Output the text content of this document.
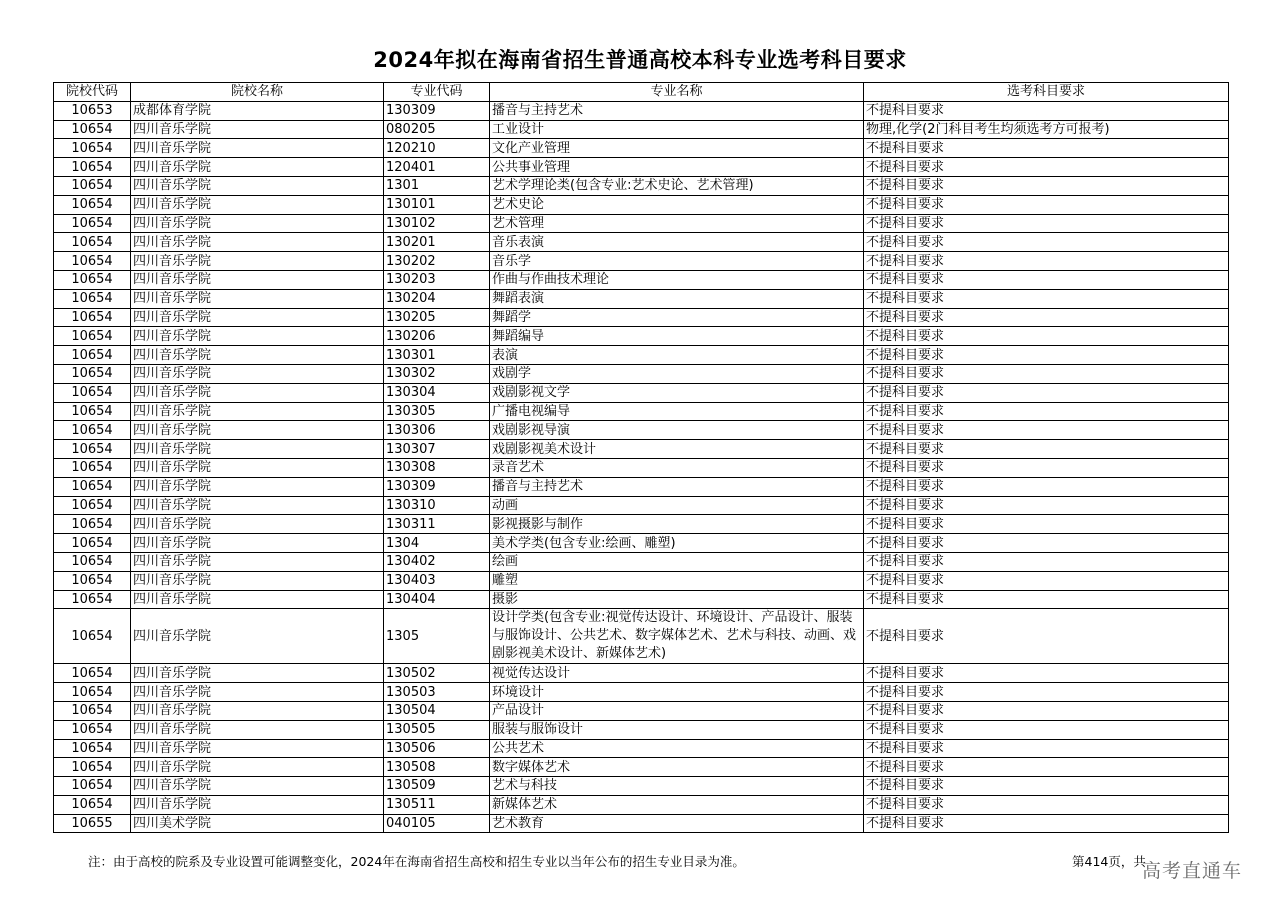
2024年拟在海南省招生普通高校本科专业选考科目要求
院校代码	院校名称	专业代码	专业名称	选考科目要求
10653	成都体育学院	130309	播音与主持艺术	不提科目要求
10654	四川音乐学院	080205	工业设计	物理,化学(2门科目考生均须选考方可报考)
10654	四川音乐学院	120210	文化产业管理	不提科目要求
10654	四川音乐学院	120401	公共事业管理	不提科目要求
10654	四川音乐学院	1301	艺术学理论类(包含专业:艺术史论、艺术管理)	不提科目要求
10654	四川音乐学院	130101	艺术史论	不提科目要求
10654	四川音乐学院	130102	艺术管理	不提科目要求
10654	四川音乐学院	130201	音乐表演	不提科目要求
10654	四川音乐学院	130202	音乐学	不提科目要求
10654	四川音乐学院	130203	作曲与作曲技术理论	不提科目要求
10654	四川音乐学院	130204	舞蹈表演	不提科目要求
10654	四川音乐学院	130205	舞蹈学	不提科目要求
10654	四川音乐学院	130206	舞蹈编导	不提科目要求
10654	四川音乐学院	130301	表演	不提科目要求
10654	四川音乐学院	130302	戏剧学	不提科目要求
10654	四川音乐学院	130304	戏剧影视文学	不提科目要求
10654	四川音乐学院	130305	广播电视编导	不提科目要求
10654	四川音乐学院	130306	戏剧影视导演	不提科目要求
10654	四川音乐学院	130307	戏剧影视美术设计	不提科目要求
10654	四川音乐学院	130308	录音艺术	不提科目要求
10654	四川音乐学院	130309	播音与主持艺术	不提科目要求
10654	四川音乐学院	130310	动画	不提科目要求
10654	四川音乐学院	130311	影视摄影与制作	不提科目要求
10654	四川音乐学院	1304	美术学类(包含专业:绘画、雕塑)	不提科目要求
10654	四川音乐学院	130402	绘画	不提科目要求
10654	四川音乐学院	130403	雕塑	不提科目要求
10654	四川音乐学院	130404	摄影	不提科目要求
10654	四川音乐学院	1305	设计学类(包含专业:视觉传达设计、环境设计、产品设计、服装与服饰设计、公共艺术、数字媒体艺术、艺术与科技、动画、戏剧影视美术设计、新媒体艺术)	不提科目要求
10654	四川音乐学院	130502	视觉传达设计	不提科目要求
10654	四川音乐学院	130503	环境设计	不提科目要求
10654	四川音乐学院	130504	产品设计	不提科目要求
10654	四川音乐学院	130505	服装与服饰设计	不提科目要求
10654	四川音乐学院	130506	公共艺术	不提科目要求
10654	四川音乐学院	130508	数字媒体艺术	不提科目要求
10654	四川音乐学院	130509	艺术与科技	不提科目要求
10654	四川音乐学院	130511	新媒体艺术	不提科目要求
10655	四川美术学院	040105	艺术教育	不提科目要求
注：由于高校的院系及专业设置可能调整变化，2024年在海南省招生高校和招生专业以当年公布的招生专业目录为准。	第414页，共
高考直通车
